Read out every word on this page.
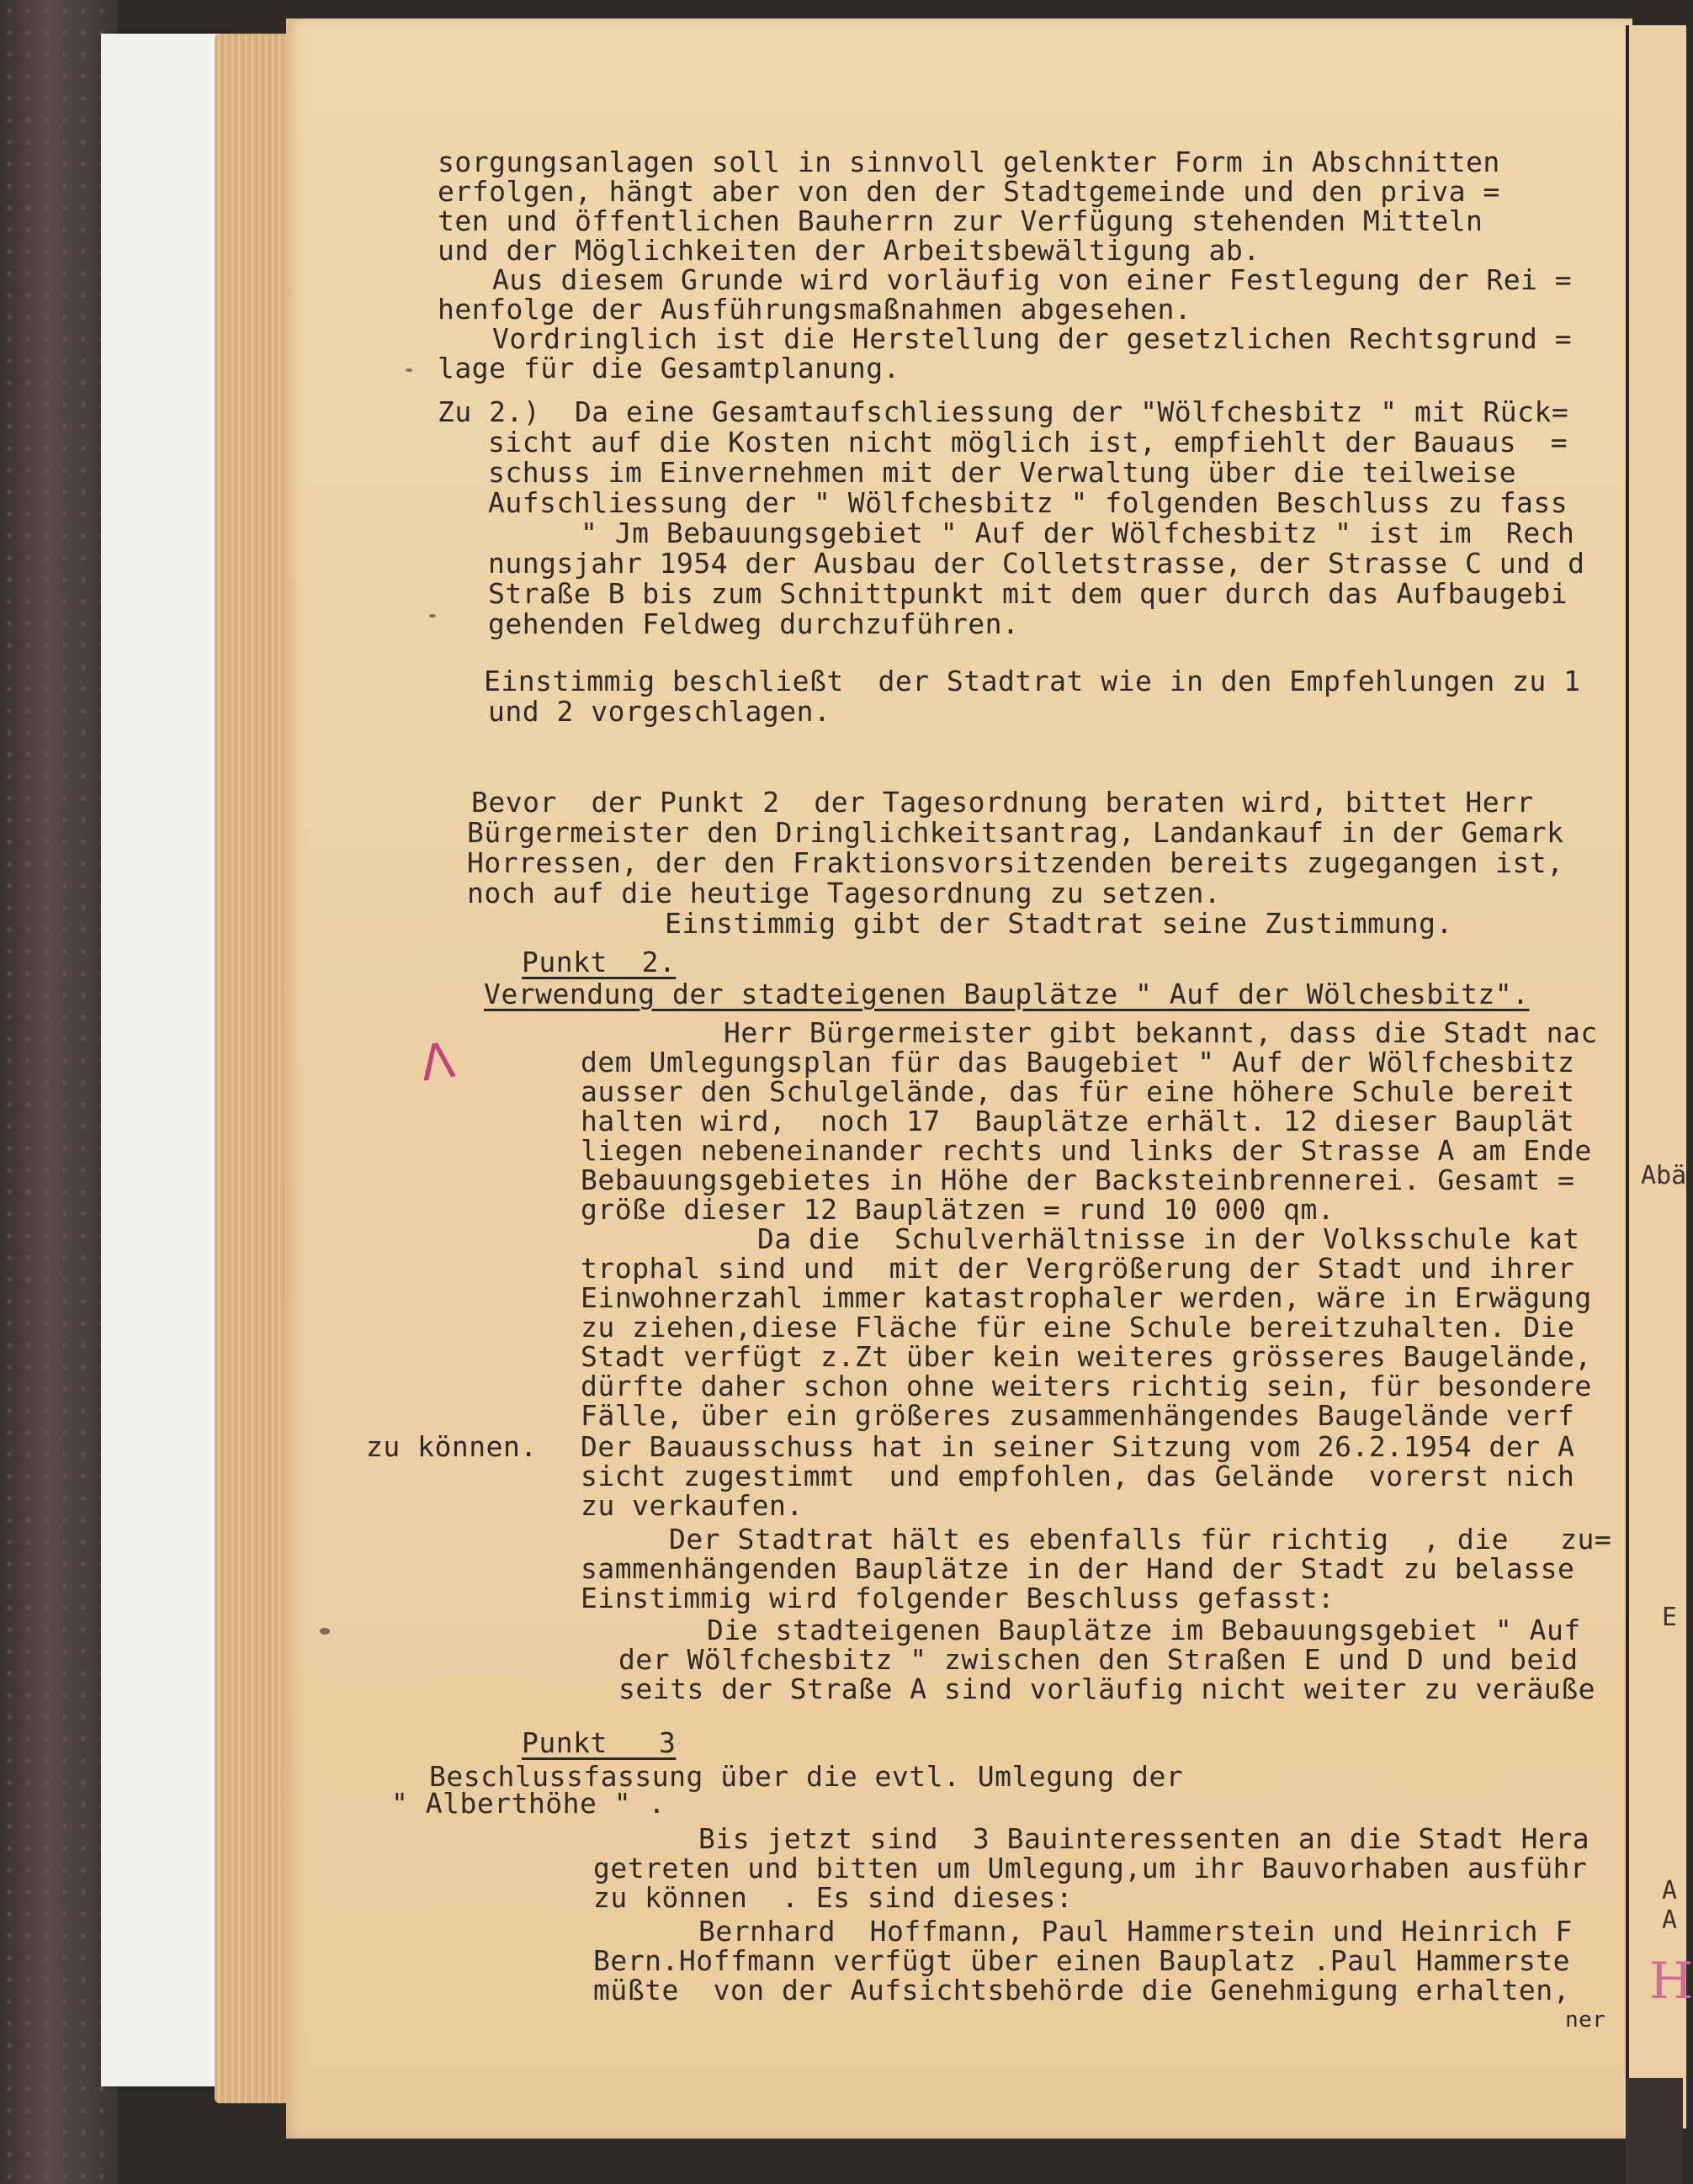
sorgungsanlagen soll in sinnvoll gelenkter Form in Abschnitten
erfolgen, hängt aber von den der Stadtgemeinde und den priva =
ten und öffentlichen Bauherrn zur Verfügung stehenden Mitteln
und der Möglichkeiten der Arbeitsbewältigung ab.
Aus diesem Grunde wird vorläufig von einer Festlegung der Rei =
henfolge der Ausführungsmaßnahmen abgesehen.
Vordringlich ist die Herstellung der gesetzlichen Rechtsgrund =
lage für die Gesamtplanung.
Zu 2.)  Da eine Gesamtaufschliessung der "Wölfchesbitz " mit Rück=
sicht auf die Kosten nicht möglich ist, empfiehlt der Bauaus  =
schuss im Einvernehmen mit der Verwaltung über die teilweise
Aufschliessung der " Wölfchesbitz " folgenden Beschluss zu fass
" Jm Bebauungsgebiet " Auf der Wölfchesbitz " ist im  Rech
nungsjahr 1954 der Ausbau der Colletstrasse, der Strasse C und d
Straße B bis zum Schnittpunkt mit dem quer durch das Aufbaugebi
gehenden Feldweg durchzuführen.
Einstimmig beschließt  der Stadtrat wie in den Empfehlungen zu 1
und 2 vorgeschlagen.
Bevor  der Punkt 2  der Tagesordnung beraten wird, bittet Herr
Bürgermeister den Dringlichkeitsantrag, Landankauf in der Gemark
Horressen, der den Fraktionsvorsitzenden bereits zugegangen ist,
noch auf die heutige Tagesordnung zu setzen.
Einstimmig gibt der Stadtrat seine Zustimmung.
Punkt  2.
Verwendung der stadteigenen Bauplätze " Auf der Wölchesbitz".
Herr Bürgermeister gibt bekannt, dass die Stadt nac
dem Umlegungsplan für das Baugebiet " Auf der Wölfchesbitz
ausser den Schulgelände, das für eine höhere Schule bereit
halten wird,  noch 17  Bauplätze erhält. 12 dieser Bauplät
liegen nebeneinander rechts und links der Strasse A am Ende
Bebauungsgebietes in Höhe der Backsteinbrennerei. Gesamt =
größe dieser 12 Bauplätzen = rund 10 000 qm.
Da die  Schulverhältnisse in der Volksschule kat
trophal sind und  mit der Vergrößerung der Stadt und ihrer
Einwohnerzahl immer katastrophaler werden, wäre in Erwägung
zu ziehen,diese Fläche für eine Schule bereitzuhalten. Die
Stadt verfügt z.Zt über kein weiteres grösseres Baugelände,
dürfte daher schon ohne weiters richtig sein, für besondere
Fälle, über ein größeres zusammenhängendes Baugelände verf
zu können. Der Bauausschuss hat in seiner Sitzung vom 26.2.1954 der A
sicht zugestimmt  und empfohlen, das Gelände  vorerst nich
zu verkaufen.
Der Stadtrat hält es ebenfalls für richtig  , die   zu=
sammenhängenden Bauplätze in der Hand der Stadt zu belasse
Einstimmig wird folgender Beschluss gefasst:
Die stadteigenen Bauplätze im Bebauungsgebiet " Auf
der Wölfchesbitz " zwischen den Straßen E und D und beid
seits der Straße A sind vorläufig nicht weiter zu veräuße
Punkt   3
Beschlussfassung über die evtl. Umlegung der
" Alberthöhe " .
Bis jetzt sind  3 Bauinteressenten an die Stadt Hera
getreten und bitten um Umlegung,um ihr Bauvorhaben ausführ
zu können  . Es sind dieses:
Bernhard  Hoffmann, Paul Hammerstein und Heinrich F
Bern.Hoffmann verfügt über einen Bauplatz .Paul Hammerste
müßte  von der Aufsichtsbehörde die Genehmigung erhalten,
ner
Λ
H
Abä
E
A
A
